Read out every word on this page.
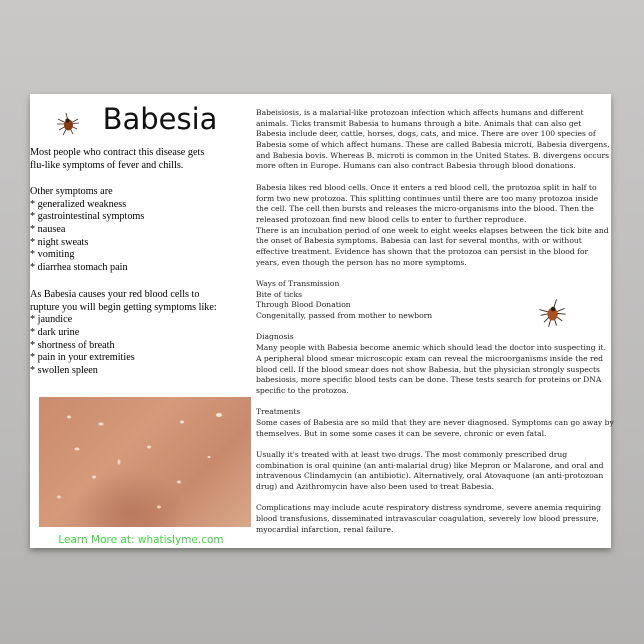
Babesia
Most people who contract this disease gets
flu-like symptoms of fever and chills.
Other symptoms are
* generalized weakness
* gastrointestinal symptoms
* nausea
* night sweats
* vomiting
* diarrhea stomach pain
As Babesia causes your red blood cells to
rupture you will begin getting symptoms like:
* jaundice
* dark urine
* shortness of breath
* pain in your extremities
* swollen spleen
Learn More at: whatislyme.com
Babeisiosis, is a malarial-like protozoan infection which affects humans and different
animals. Ticks transmit Babesia to humans through a bite. Animals that can also get
Babesia include deer, cattle, horses, dogs, cats, and mice. There are over 100 species of
Babesia some of which affect humans. These are called Babesia microti, Babesia divergens,
and Babesia bovis. Whereas B. microti is common in the United States. B. divergens occurs
more often in Europe. Humans can also contract Babesia through blood donations.
Babesia likes red blood cells. Once it enters a red blood cell, the protozoa split in half to
form two new protozoa. This splitting continues until there are too many protozoa inside
the cell. The cell then bursts and releases the micro-organisms into the blood. Then the
released protozoan find new blood cells to enter to further reproduce.
There is an incubation period of one week to eight weeks elapses between the tick bite and
the onset of Babesia symptoms. Babesia can last for several months, with or without
effective treatment. Evidence has shown that the protozoa can persist in the blood for
years, even though the person has no more symptoms.
Ways of Transmission
Bite of ticks
Through Blood Donation
Congenitally, passed from mother to newborn
Diagnosis
Many people with Babesia become anemic which should lead the doctor into suspecting it.
A peripheral blood smear microscopic exam can reveal the microorganisms inside the red
blood cell. If the blood smear does not show Babesia, but the physician strongly suspects
babesiosis, more specific blood tests can be done. These tests search for proteins or DNA
specific to the protozoa.
Treatments
Some cases of Babesia are so mild that they are never diagnosed. Symptoms can go away by
themselves. But in some some cases it can be severe, chronic or even fatal.
Usually it's treated with at least two drugs. The most commonly prescribed drug
combination is oral quinine (an anti-malarial drug) like Mepron or Malarone, and oral and
intravenous Clindamycin (an antibiotic). Alternatively, oral Atovaquone (an anti-protozoan
drug) and Azithromycin have also been used to treat Babesia.
Complications may include acute respiratory distress syndrome, severe anemia requiring
blood transfusions, disseminated intravascular coagulation, severely low blood pressure,
myocardial infarction, renal failure.
